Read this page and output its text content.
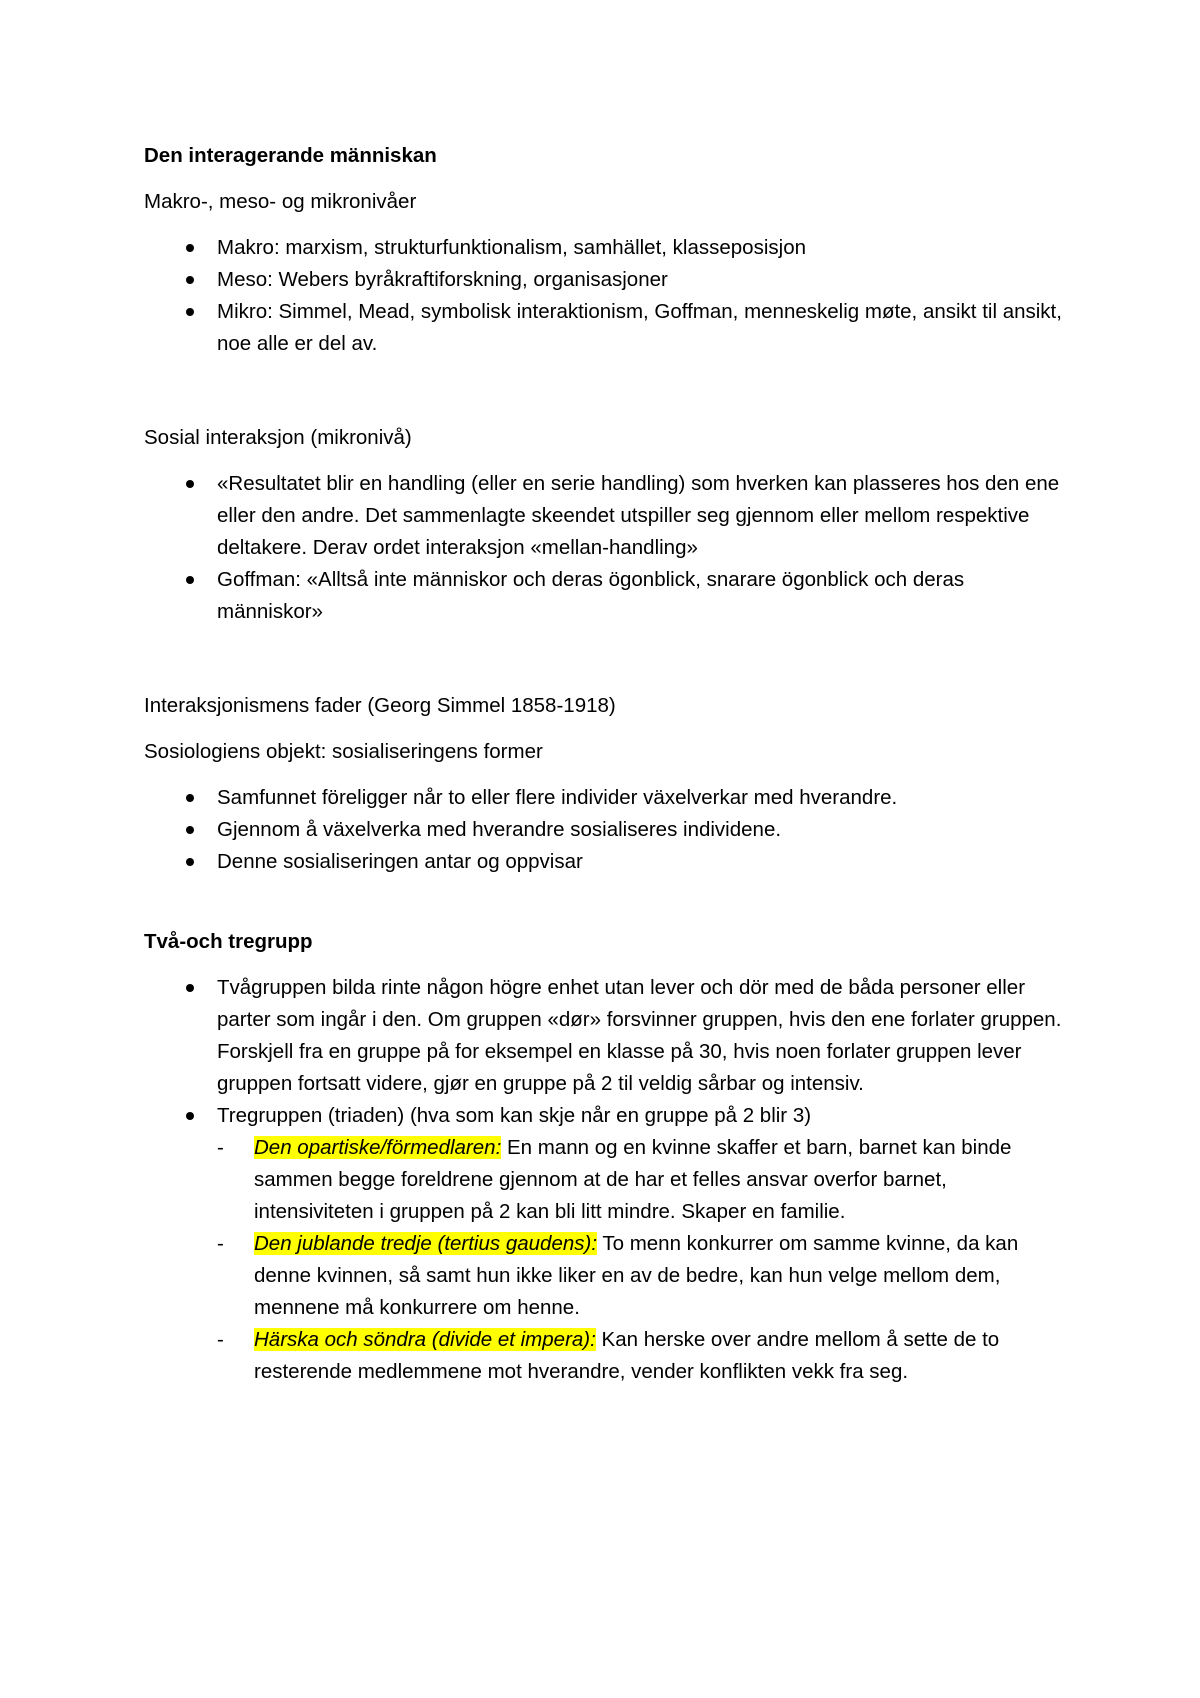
Den interagerande människan

Makro-, meso- og mikronivåer

Makro: marxism, strukturfunktionalism, samhället, klasseposisjon
Meso: Webers byråkraftiforskning, organisasjoner
Mikro: Simmel, Mead, symbolisk interaktionism, Goffman, menneskelig møte, ansikt til ansikt, noe alle er del av.

Sosial interaksjon (mikronivå)

«Resultatet blir en handling (eller en serie handling) som hverken kan plasseres hos den ene eller den andre. Det sammenlagte skeendet utspiller seg gjennom eller mellom respektive deltakere. Derav ordet interaksjon «mellan-handling»
Goffman: «Alltså inte människor och deras ögonblick, snarare ögonblick och deras människor»

Interaksjonismens fader (Georg Simmel 1858-1918)

Sosiologiens objekt: sosialiseringens former

Samfunnet föreligger når to eller flere individer växelverkar med hverandre.
Gjennom å växelverka med hverandre sosialiseres individene.
Denne sosialiseringen antar og oppvisar

Två-och tregrupp

Tvågruppen bilda rinte någon högre enhet utan lever och dör med de båda personer eller parter som ingår i den. Om gruppen «dør» forsvinner gruppen, hvis den ene forlater gruppen. Forskjell fra en gruppe på for eksempel en klasse på 30, hvis noen forlater gruppen lever gruppen fortsatt videre, gjør en gruppe på 2 til veldig sårbar og intensiv.
Tregruppen (triaden) (hva som kan skje når en gruppe på 2 blir 3)
- Den opartiske/förmedlaren: En mann og en kvinne skaffer et barn, barnet kan binde sammen begge foreldrene gjennom at de har et felles ansvar overfor barnet, intensiviteten i gruppen på 2 kan bli litt mindre. Skaper en familie.
- Den jublande tredje (tertius gaudens): To menn konkurrer om samme kvinne, da kan denne kvinnen, så samt hun ikke liker en av de bedre, kan hun velge mellom dem, mennene må konkurrere om henne.
- Härska och söndra (divide et impera): Kan herske over andre mellom å sette de to resterende medlemmene mot hverandre, vender konflikten vekk fra seg.
